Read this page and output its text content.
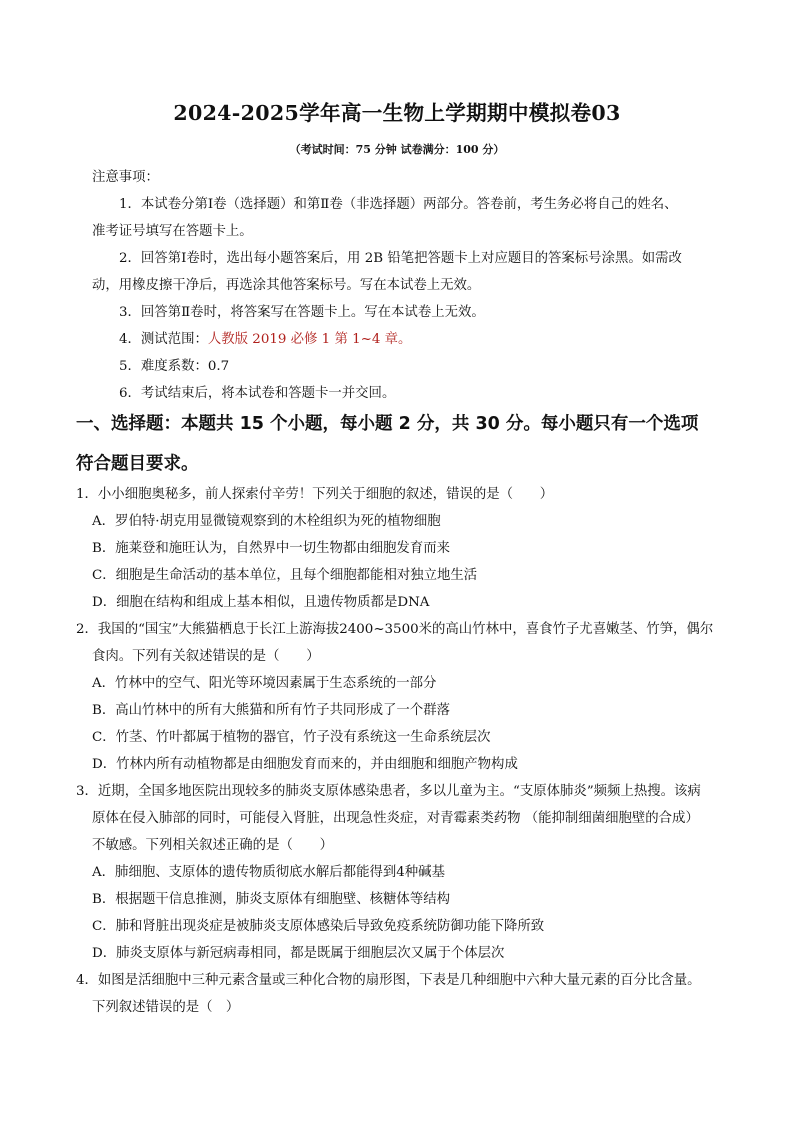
2024-2025学年高一生物上学期期中模拟卷03
（考试时间：75 分钟 试卷满分：100 分）
注意事项：
1．本试卷分第Ⅰ卷（选择题）和第Ⅱ卷（非选择题）两部分。答卷前，考生务必将自己的姓名、
准考证号填写在答题卡上。
2．回答第Ⅰ卷时，选出每小题答案后，用 2B 铅笔把答题卡上对应题目的答案标号涂黑。如需改
动，用橡皮擦干净后，再选涂其他答案标号。写在本试卷上无效。
3．回答第Ⅱ卷时，将答案写在答题卡上。写在本试卷上无效。
4．测试范围：人教版 2019 必修 1 第 1~4 章。
5．难度系数：0.7
6．考试结束后，将本试卷和答题卡一并交回。
一、选择题：本题共 15 个小题，每小题 2 分，共 30 分。每小题只有一个选项
符合题目要求。
1．小小细胞奥秘多，前人探索付辛劳！下列关于细胞的叙述，错误的是（　　）
A．罗伯特·胡克用显微镜观察到的木栓组织为死的植物细胞
B．施莱登和施旺认为，自然界中一切生物都由细胞发育而来
C．细胞是生命活动的基本单位，且每个细胞都能相对独立地生活
D．细胞在结构和组成上基本相似，且遗传物质都是DNA
2．我国的“国宝”大熊猫栖息于长江上游海拔2400~3500米的高山竹林中，喜食竹子尤喜嫩茎、竹笋，偶尔
食肉。下列有关叙述错误的是（　　）
A．竹林中的空气、阳光等环境因素属于生态系统的一部分
B．高山竹林中的所有大熊猫和所有竹子共同形成了一个群落
C．竹茎、竹叶都属于植物的器官，竹子没有系统这一生命系统层次
D．竹林内所有动植物都是由细胞发育而来的，并由细胞和细胞产物构成
3．近期，全国多地医院出现较多的肺炎支原体感染患者，多以儿童为主。“支原体肺炎”频频上热搜。该病
原体在侵入肺部的同时，可能侵入肾脏，出现急性炎症，对青霉素类药物 （能抑制细菌细胞壁的合成）
不敏感。下列相关叙述正确的是（　　）
A．肺细胞、支原体的遗传物质彻底水解后都能得到4种碱基
B．根据题干信息推测，肺炎支原体有细胞壁、核糖体等结构
C．肺和肾脏出现炎症是被肺炎支原体感染后导致免疫系统防御功能下降所致
D．肺炎支原体与新冠病毒相同，都是既属于细胞层次又属于个体层次
4．如图是活细胞中三种元素含量或三种化合物的扇形图，下表是几种细胞中六种大量元素的百分比含量。
下列叙述错误的是（　）
